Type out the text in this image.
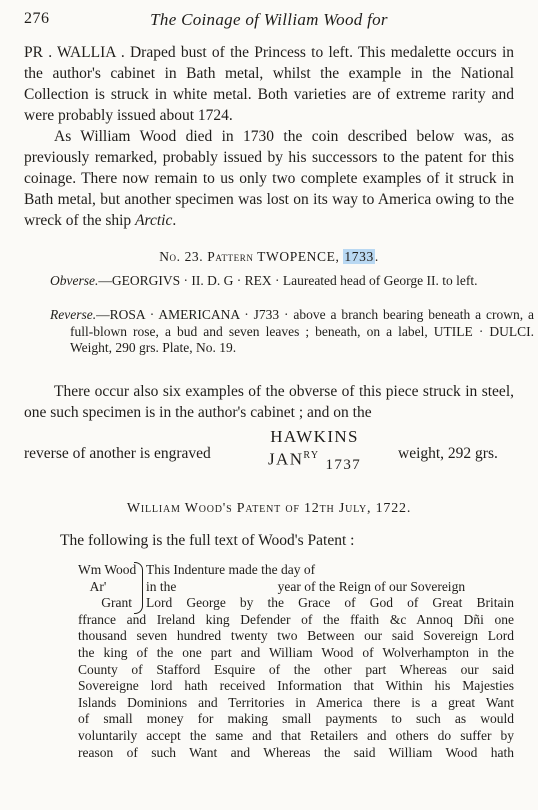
276	The Coinage of William Wood for

PR . WALLIA . Draped bust of the Princess to left. This medalette occurs in the author's cabinet in Bath metal, whilst the example in the National Collection is struck in white metal. Both varieties are of extreme rarity and were probably issued about 1724.

As William Wood died in 1730 the coin described below was, as previously remarked, probably issued by his successors to the patent for this coinage. There now remain to us only two complete examples of it struck in Bath metal, but another specimen was lost on its way to America owing to the wreck of the ship Arctic.

No. 23. Pattern TWOPENCE, 1733.
Obverse.—GEORGIVS · II. D. G · REX · Laureated head of George II. to left.
Reverse.—ROSA · AMERICANA · J733 · above a branch bearing beneath a crown, a full-blown rose, a bud and seven leaves ; beneath, on a label, UTILE · DULCI. Weight, 290 grs. Plate, No. 19.

There occur also six examples of the obverse of this piece struck in steel, one such specimen is in the author's cabinet ; and on the

reverse of another is engraved
HAWKINS
$JAN^{RY}1737$
weight, 292 grs.
William Wood's Patent of 12th July, 1722.
The following is the full text of Wood's Patent :
Wm Wood This Indenture made the day of
Ar'	in the                              year of the Reign of our Sovereign
Grant Lord George by the Grace of God of Great Britain
ffrance and Ireland king Defender of the ffaith &c Annoq Dñi one
thousand seven hundred twenty two Between our said Sovereign Lord
the king of the one part and William Wood of Wolverhampton in the
County of Stafford Esquire of the other part Whereas our said
Sovereigne lord hath received Information that Within his Majesties
Islands Dominions and Territories in America there is a great Want
of small money for making small payments to such as would
voluntarily accept the same and that Retailers and others do suffer by
reason of such Want and Whereas the said William Wood hath
